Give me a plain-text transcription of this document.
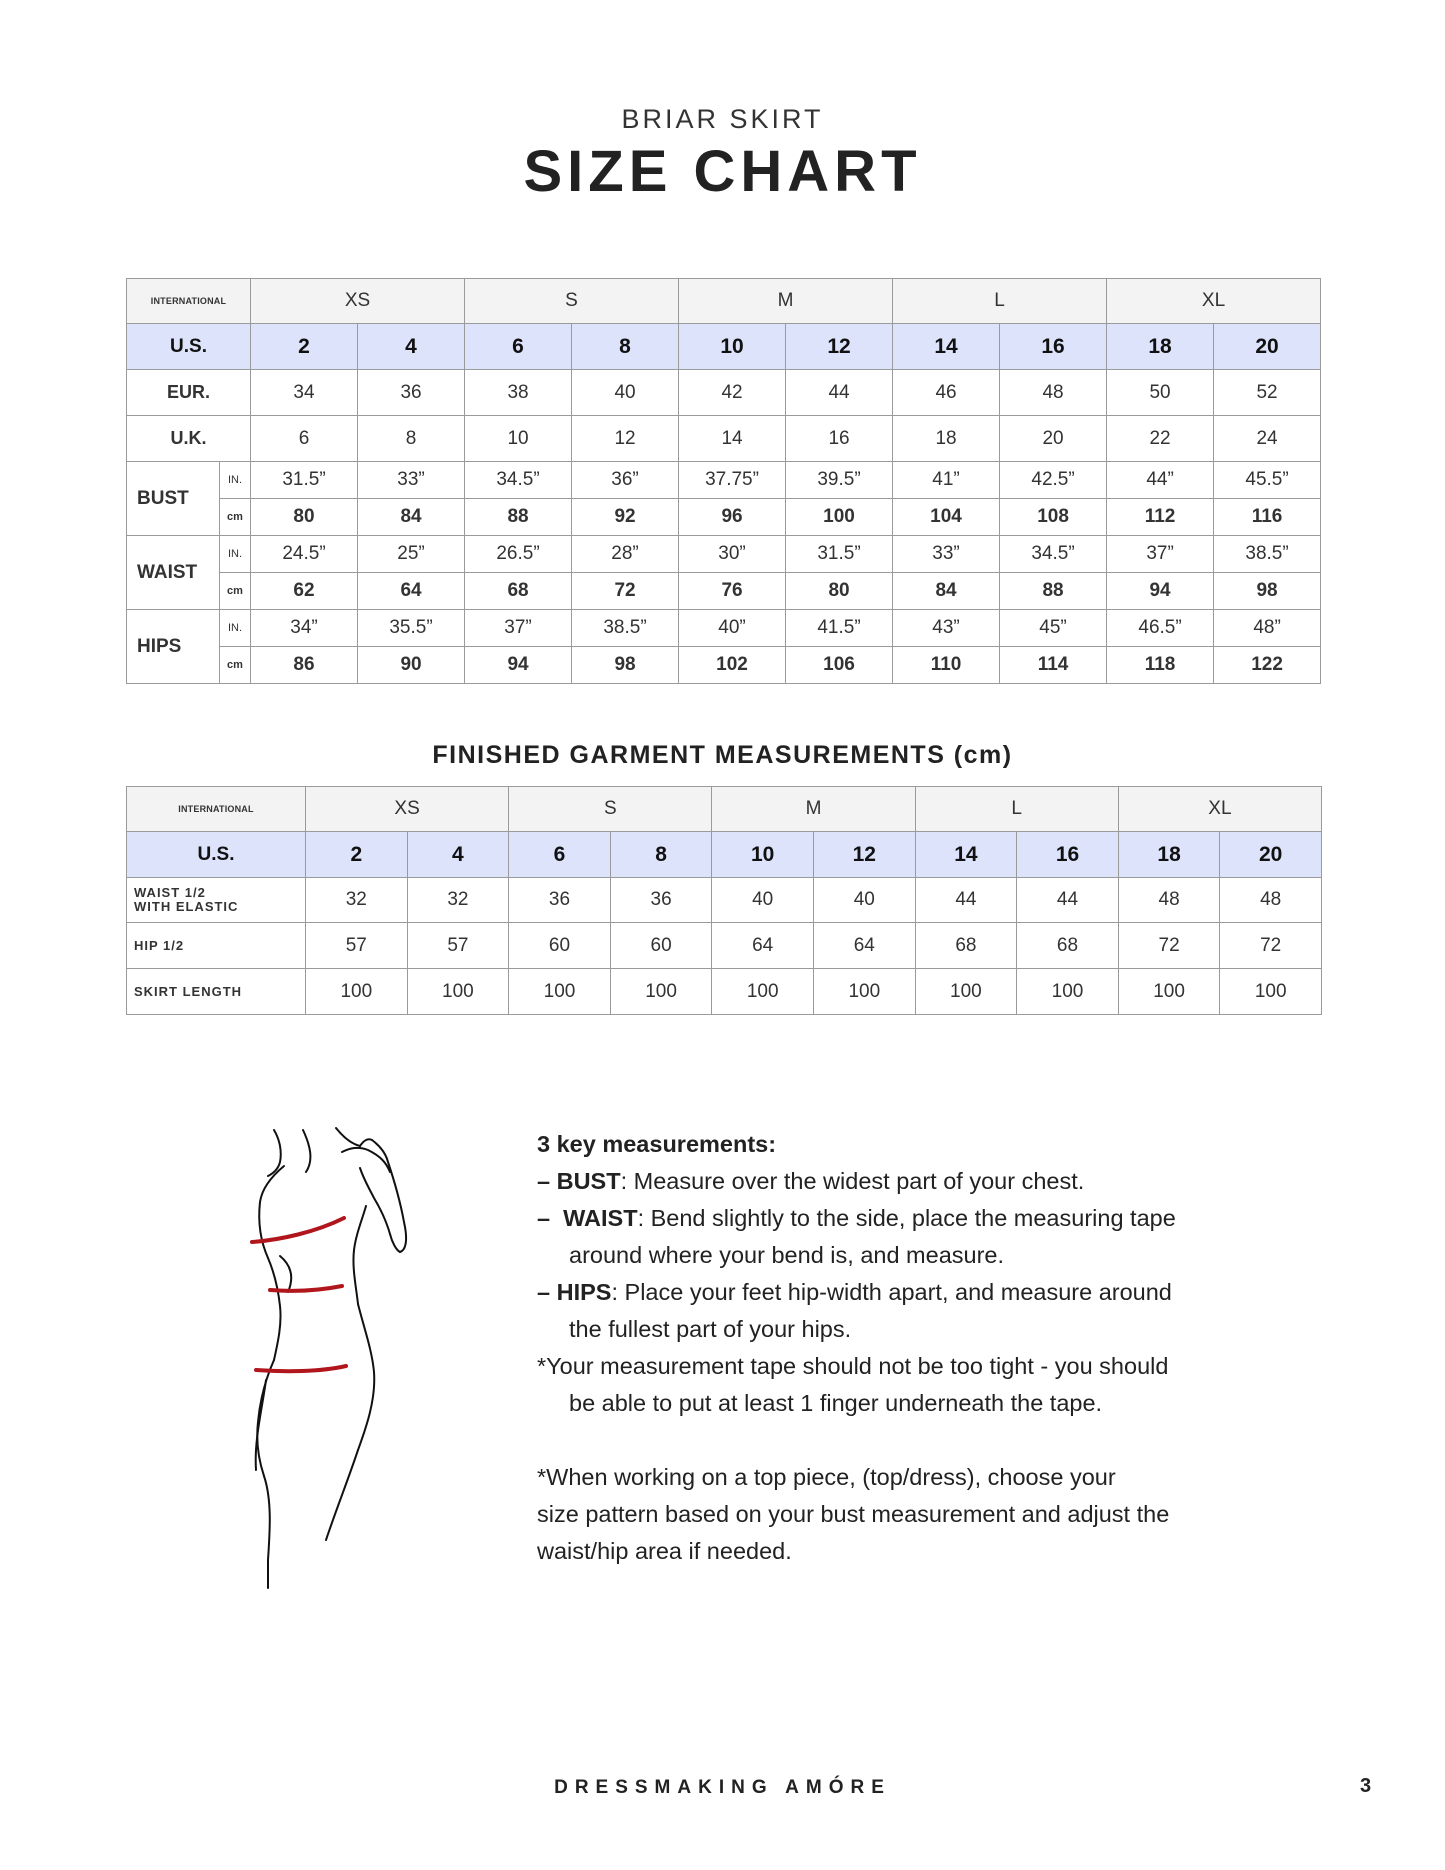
BRIAR SKIRT
SIZE CHART
INTERNATIONAL		XS		S		M		L		XL	
U.S.		2	4	6	8	10	12	14	16	18	20
EUR.		34	36	38	40	42	44	46	48	50	52
U.K.		6	8	10	12	14	16	18	20	22	24
BUST	IN.	31.5”	33”	34.5”	36”	37.75”	39.5”	41”	42.5”	44”	45.5”
	cm	80	84	88	92	96	100	104	108	112	116
WAIST	IN.	24.5”	25”	26.5”	28”	30”	31.5”	33”	34.5”	37”	38.5”
	cm	62	64	68	72	76	80	84	88	94	98
HIPS	IN.	34”	35.5”	37”	38.5”	40”	41.5”	43”	45”	46.5”	48”
	cm	86	90	94	98	102	106	110	114	118	122
FINISHED GARMENT MEASUREMENTS (cm)
INTERNATIONAL	XS		S		M		L		XL	
U.S.	2	4	6	8	10	12	14	16	18	20

WAIST 1/2
WITH ELASTIC	32	32	36	36	40	40	44	44	48	48
HIP 1/2	57	57	60	60	64	64	68	68	72	72
SKIRT LENGTH	100	100	100	100	100	100	100	100	100	100

3 key measurements:

– BUST: Measure over the widest part of your chest.

– WAIST: Bend slightly to the side, place the measuring tape

around where your bend is, and measure.

– HIPS: Place your feet hip-width apart, and measure around

the fullest part of your hips.

*Your measurement tape should not be too tight - you should

be able to put at least 1 finger underneath the tape.

*When working on a top piece, (top/dress), choose your

size pattern based on your bust measurement and adjust the

waist/hip area if needed.

DRESSMAKING AMÓRE	3
